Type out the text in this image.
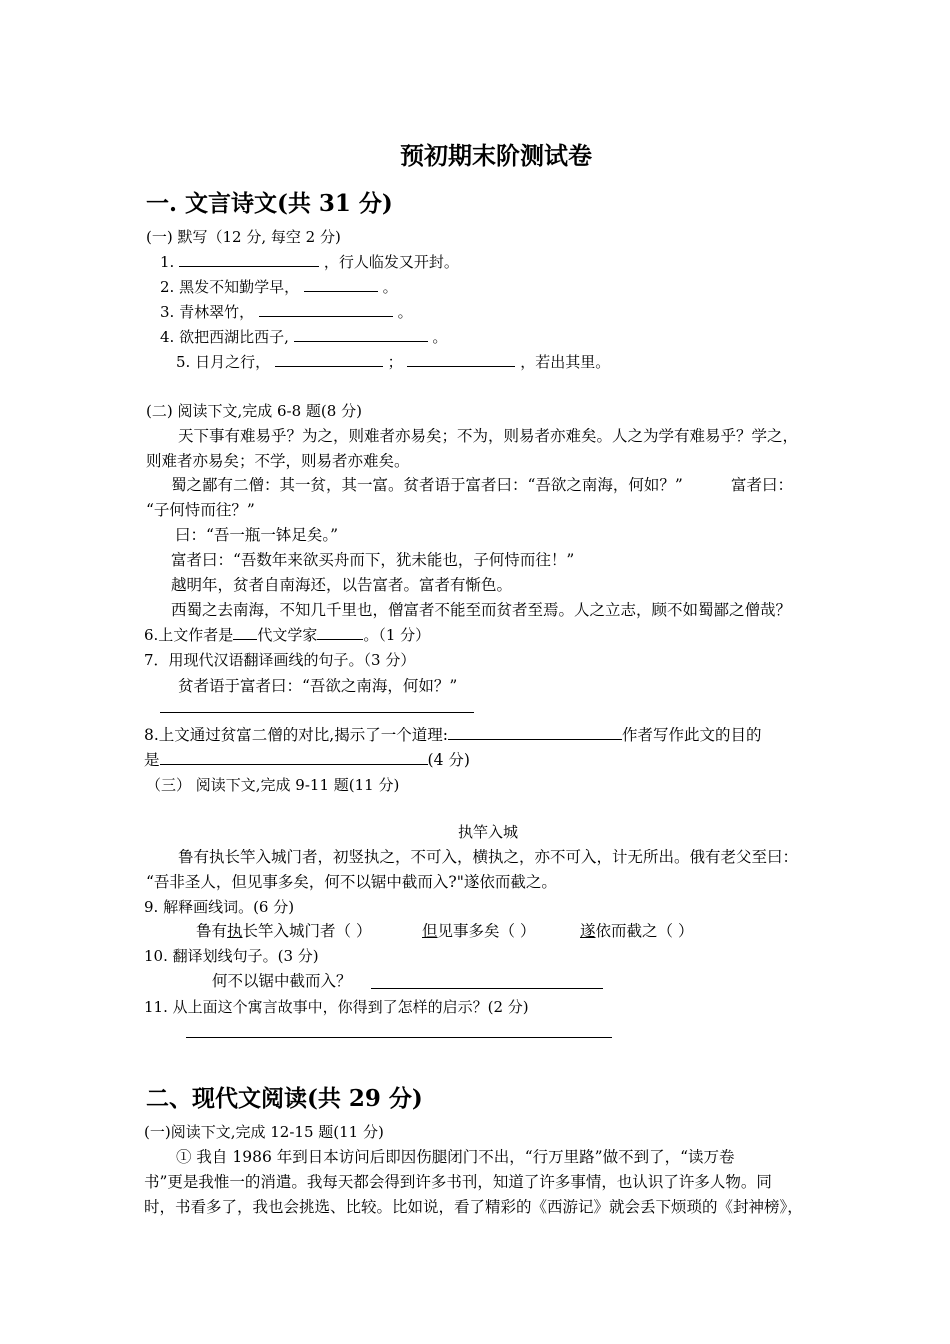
预初期末阶测试卷
一. 文言诗文(共 31 分)
(一) 默写（12 分, 每空 2 分)
1.	，行人临发又开封。
2. 黑发不知勤学早，	。
3. 青林翠竹，	。
4. 欲把西湖比西子,	。
5. 日月之行，	；	，若出其里。
(二) 阅读下文,完成 6-8 题(8 分)
天下事有难易乎？为之，则难者亦易矣；不为，则易者亦难矣。人之为学有难易乎？学之，
则难者亦易矣；不学，则易者亦难矣。
蜀之鄙有二僧：其一贫，其一富。贫者语于富者曰：“吾欲之南海，何如？”	富者曰：
“子何恃而往？”
曰：“吾一瓶一钵足矣。”
富者曰：“吾数年来欲买舟而下，犹未能也，子何恃而往！”
越明年，贫者自南海还，以告富者。富者有惭色。
西蜀之去南海，不知几千里也，僧富者不能至而贫者至焉。人之立志，顾不如蜀鄙之僧哉？
6.上文作者是 代文学家	。（1 分）
7．用现代汉语翻译画线的句子。（3 分）
贫者语于富者曰：“吾欲之南海，何如？”
8.上文通过贫富二僧的对比,揭示了一个道理:	作者写作此文的目的
是	(4 分)
（三） 阅读下文,完成 9-11 题(11 分)
执竿入城
鲁有执长竿入城门者，初竖执之，不可入，横执之，亦不可入，计无所出。俄有老父至曰：
“吾非圣人，但见事多矣，何不以锯中截而入?"遂依而截之。
9. 解释画线词。(6 分)
鲁有执长竿入城门者（ ）	但见事多矣（ ）	遂依而截之（ ）
10. 翻译划线句子。(3 分)
何不以锯中截而入？
11. 从上面这个寓言故事中，你得到了怎样的启示？(2 分)
二、现代文阅读(共 29 分)
(一)阅读下文,完成 12-15 题(11 分)
① 我自 1986 年到日本访问后即因伤腿闭门不出，“行万里路”做不到了，“读万卷
书”更是我惟一的消遣。我每天都会得到许多书刊，知道了许多事情，也认识了许多人物。同
时，书看多了，我也会挑选、比较。比如说，看了精彩的《西游记》就会丢下烦琐的《封神榜》，
